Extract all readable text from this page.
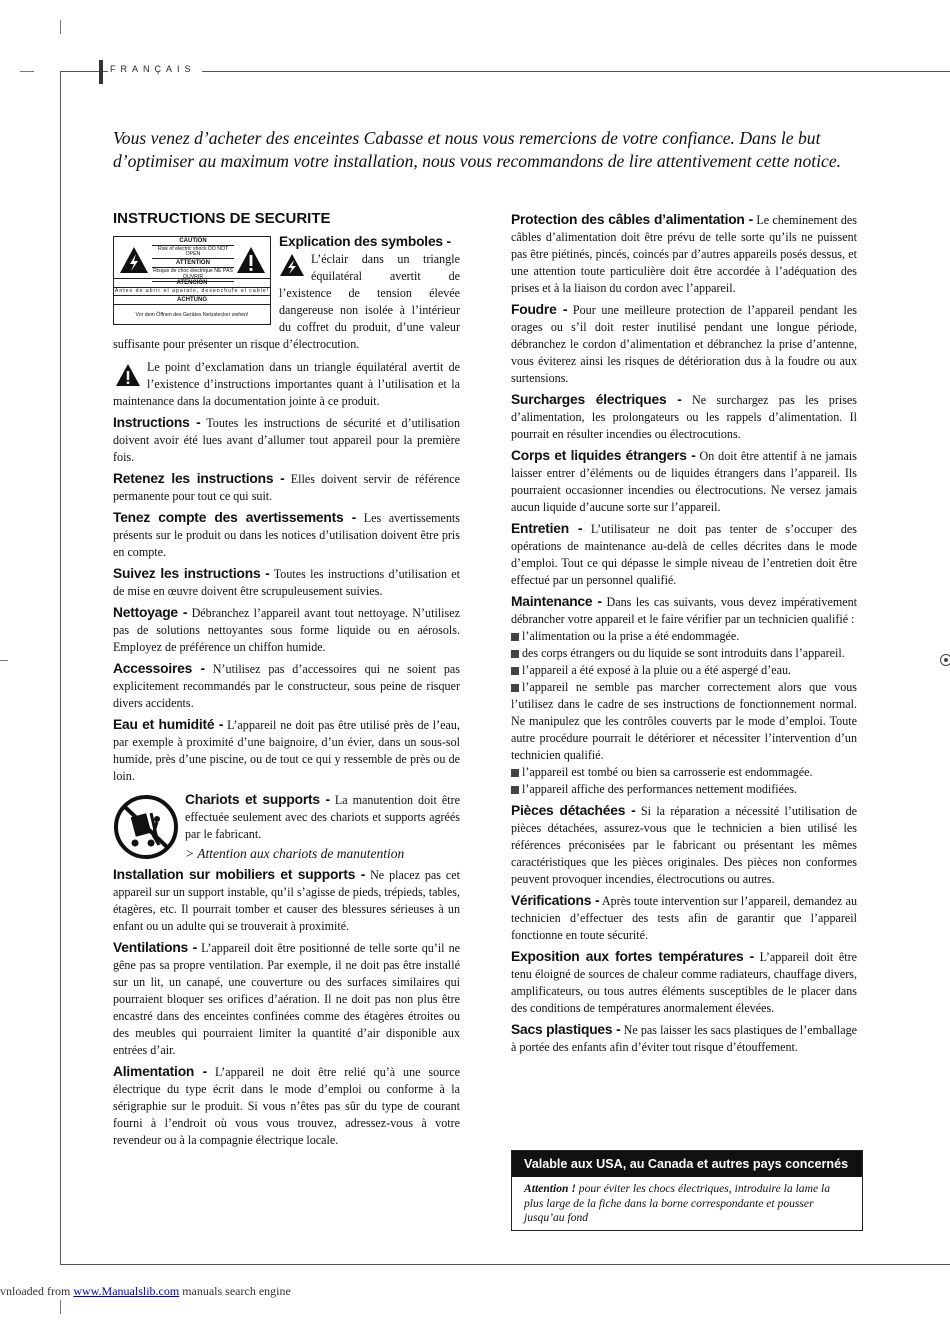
FRANÇAIS
Vous venez d’acheter des enceintes Cabasse et nous vous remercions de votre confiance. Dans le but d’optimiser au maximum votre installation, nous vous recommandons de lire attentivement cette notice.
INSTRUCTIONS DE SECURITE
CAUTION
Risk of electric shock DO NOT OPEN
ATTENTION
Risque de choc électrique NE PAS OUVRIR
ATENCIÓN
Antes de abrir el aparato, desenchufe el cable!
ACHTUNG
Vor dem Öffnen des Gerätes Netzstecker ziehen!

Explication des symboles -

L’éclair dans un triangle équilatéral avertit de l’existence de tension élevée dangereuse non isolée à l’intérieur du coffret du produit, d’une valeur suffisante pour présenter un risque d’électrocution.

Le point d’exclamation dans un triangle équilatéral avertit de l’existence d’instructions importantes quant à l’utilisation et la maintenance dans la documentation jointe à ce produit.

Instructions - Toutes les instructions de sécurité et d’utilisation doivent avoir été lues avant d’allumer tout appareil pour la première fois.

Retenez les instructions - Elles doivent servir de référence permanente pour tout ce qui suit.

Tenez compte des avertissements - Les avertissements présents sur le produit ou dans les notices d’utilisation doivent être pris en compte.

Suivez les instructions - Toutes les instructions d’utilisation et de mise en œuvre doivent être scrupuleusement suivies.

Nettoyage - Débranchez l’appareil avant tout nettoyage. N’utilisez pas de solutions nettoyantes sous forme liquide ou en aérosols. Employez de préférence un chiffon humide.

Accessoires - N’utilisez pas d’accessoires qui ne soient pas explicitement recommandés par le constructeur, sous peine de risquer divers accidents.

Eau et humidité - L’appareil ne doit pas être utilisé près de l’eau, par exemple à proximité d’une baignoire, d’un évier, dans un sous-sol humide, près d’une piscine, ou de tout ce qui y ressemble de près ou de loin.

Chariots et supports - La manutention doit être effectuée seulement avec des chariots et supports agréés par le fabricant.

> Attention aux chariots de manutention

Installation sur mobiliers et supports - Ne placez pas cet appareil sur un support instable, qu’il s’agisse de pieds, trépieds, tables, étagères, etc. Il pourrait tomber et causer des blessures sérieuses à un enfant ou un adulte qui se trouverait à proximité.

Ventilations - L’appareil doit être positionné de telle sorte qu’il ne gêne pas sa propre ventilation. Par exemple, il ne doit pas être installé sur un lit, un canapé, une couverture ou des surfaces similaires qui pourraient bloquer ses orifices d’aération. Il ne doit pas non plus être encastré dans des enceintes confinées comme des étagères étroites ou des meubles qui pourraient limiter la quantité d’air disponible aux entrées d’air.

Alimentation - L’appareil ne doit être relié qu’à une source électrique du type écrit dans le mode d’emploi ou conforme à la sérigraphie sur le produit. Si vous n’êtes pas sûr du type de courant fourni à l’endroit où vous vous trouvez, adressez-vous à votre revendeur ou à la compagnie électrique locale.

Protection des câbles d’alimentation - Le cheminement des câbles d’alimentation doit être prévu de telle sorte qu’ils ne puissent pas être piétinés, pincés, coincés par d’autres appareils posés dessus, et une attention toute particulière doit être accordée à l’adéquation des prises et à la liaison du cordon avec l’appareil.

Foudre - Pour une meilleure protection de l’appareil pendant les orages ou s’il doit rester inutilisé pendant une longue période, débranchez le cordon d’alimentation et débranchez la prise d’antenne, vous éviterez ainsi les risques de détérioration dus à la foudre ou aux surtensions.

Surcharges électriques - Ne surchargez pas les prises d’alimentation, les prolongateurs ou les rappels d’alimentation. Il pourrait en résulter incendies ou électrocutions.

Corps et liquides étrangers - On doit être attentif à ne jamais laisser entrer d’éléments ou de liquides étrangers dans l’appareil. Ils pourraient occasionner incendies ou électrocutions. Ne versez jamais aucun liquide d’aucune sorte sur l’appareil.

Entretien - L’utilisateur ne doit pas tenter de s’occuper des opérations de maintenance au-delà de celles décrites dans le mode d’emploi. Tout ce qui dépasse le simple niveau de l’entretien doit être effectué par un personnel qualifié.

Maintenance - Dans les cas suivants, vous devez impérativement débrancher votre appareil et le faire vérifier par un technicien qualifié :

l’alimentation ou la prise a été endommagée.
des corps étrangers ou du liquide se sont introduits dans l’appareil.
l’appareil a été exposé à la pluie ou a été aspergé d’eau.
l’appareil ne semble pas marcher correctement alors que vous l’utilisez dans le cadre de ses instructions de fonctionnement normal. Ne manipulez que les contrôles couverts par le mode d’emploi. Toute autre procédure pourrait le détériorer et nécessiter l’intervention d’un technicien qualifié.
l’appareil est tombé ou bien sa carrosserie est endommagée.
l’appareil affiche des performances nettement modifiées.

Pièces détachées - Si la réparation a nécessité l’utilisation de pièces détachées, assurez-vous que le technicien a bien utilisé les références préconisées par le fabricant ou présentant les mêmes caractéristiques que les pièces originales. Des pièces non conformes peuvent provoquer incendies, électrocutions ou autres.

Vérifications - Après toute intervention sur l’appareil, demandez au technicien d’effectuer des tests afin de garantir que l’appareil fonctionne en toute sécurité.

Exposition aux fortes températures - L’appareil doit être tenu éloigné de sources de chaleur comme radiateurs, chauffage divers, amplificateurs, ou tous autres éléments susceptibles de le placer dans des conditions de températures anormalement élevées.

Sacs plastiques - Ne pas laisser les sacs plastiques de l’emballage à portée des enfants afin d’éviter tout risque d’étouffement.

Valable aux USA, au Canada et autres pays concernés
Attention ! pour éviter les chocs électriques, introduire la lame la plus large de la fiche dans la borne correspondante et pousser jusqu’au fond
vnloaded from www.Manualslib.com manuals search engine
